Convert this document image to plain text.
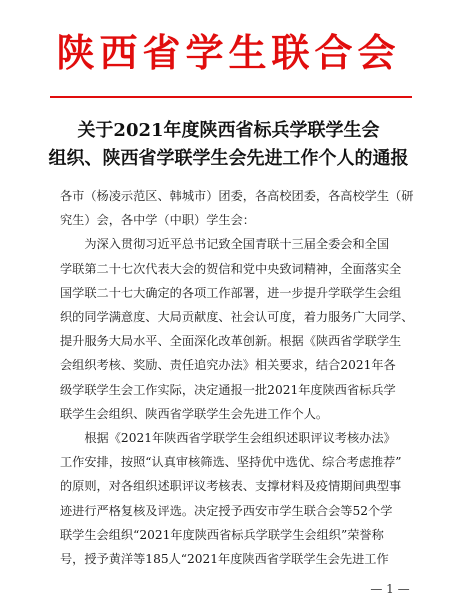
陕西省学生联合会
关于2021年度陕西省标兵学联学生会
组织、陕西省学联学生会先进工作个人的通报
各市（杨凌示范区、韩城市）团委，各高校团委，各高校学生（研
究生）会，各中学（中职）学生会：
　　为深入贯彻习近平总书记致全国青联十三届全委会和全国
学联第二十七次代表大会的贺信和党中央致词精神，全面落实全
国学联二十七大确定的各项工作部署，进一步提升学联学生会组
织的同学满意度、大局贡献度、社会认可度，着力服务广大同学、
提升服务大局水平、全面深化改革创新。根据《陕西省学联学生
会组织考核、奖励、责任追究办法》相关要求，结合2021年各
级学联学生会工作实际，决定通报一批2021年度陕西省标兵学
联学生会组织、陕西省学联学生会先进工作个人。
　　根据《2021年陕西省学联学生会组织述职评议考核办法》
工作安排，按照“认真审核筛选、坚持优中选优、综合考虑推荐”
的原则，对各组织述职评议考核表、支撑材料及疫情期间典型事
迹进行严格复核及评选。决定授予西安市学生联合会等52个学
联学生会组织“2021年度陕西省标兵学联学生会组织”荣誉称
号，授予黄洋等185人“2021年度陕西省学联学生会先进工作
— 1 —
